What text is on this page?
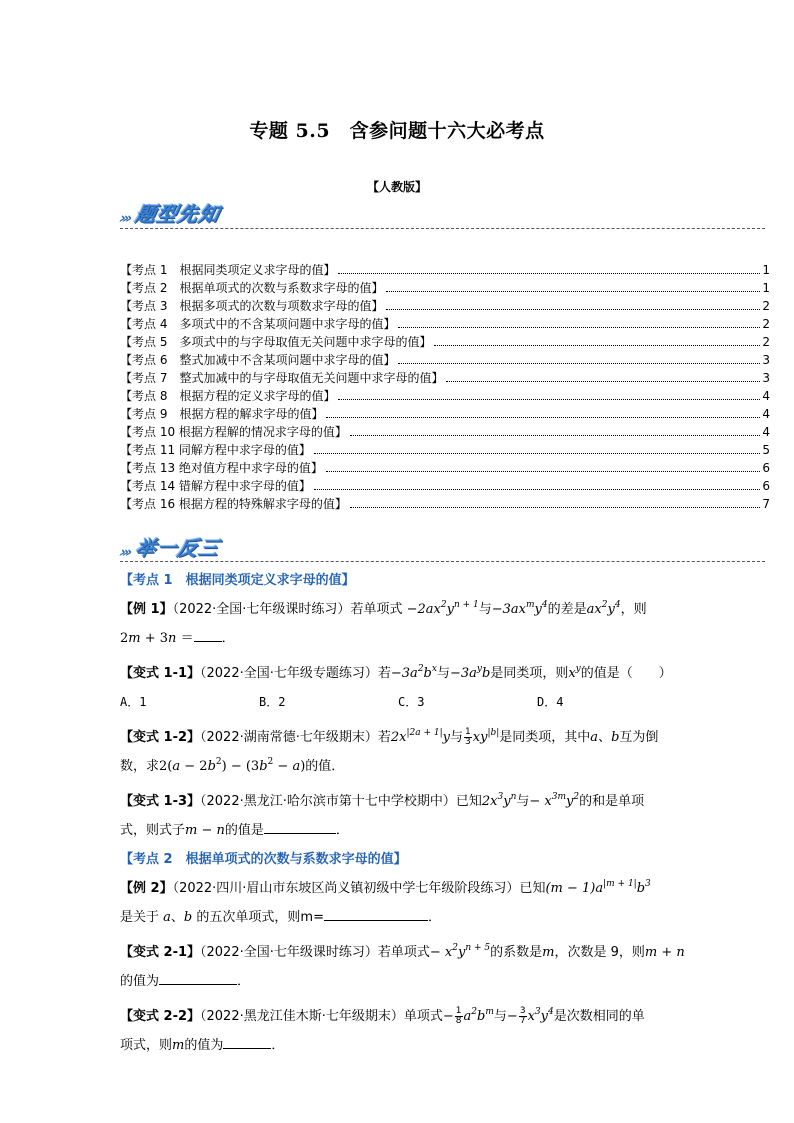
专题 5.5　含参问题十六大必考点
【人教版】
››› 题型先知
【考点 1　根据同类项定义求字母的值】	1
【考点 2　根据单项式的次数与系数求字母的值】	1
【考点 3　根据多项式的次数与项数求字母的值】	2
【考点 4　多项式中的不含某项问题中求字母的值】	2
【考点 5　多项式中的与字母取值无关问题中求字母的值】	2
【考点 6　整式加减中不含某项问题中求字母的值】	3
【考点 7　整式加减中的与字母取值无关问题中求字母的值】	3
【考点 8　根据方程的定义求字母的值】	4
【考点 9　根据方程的解求字母的值】	4
【考点 10 根据方程解的情况求字母的值】	4
【考点 11 同解方程中求字母的值】	5
【考点 13 绝对值方程中求字母的值】	6
【考点 14 错解方程中求字母的值】	6
【考点 16 根据方程的特殊解求字母的值】	7
››› 举一反三
【考点 1　根据同类项定义求字母的值】
【例 1】（2022·全国·七年级课时练习）若单项式 $-2ax^2y^{n + 1}$与$-3ax^my^4$的差是$ax^2y^4$，则
2m + 3n ＝ ．
【变式 1-1】（2022·全国·七年级专题练习）若$-3a^2b^x$与$-3a^yb$是同类项，则$x^y$的值是（　　）
A．1	B．2	C．3	D．4
【变式 1-2】（2022·湖南常德·七年级期末）若$2x^{|2a + 1|}y$与 $\frac{1}{3} xy^{|b|}$是同类项，其中a、b互为倒
数，求$2(a - 2b^2) - (3b^2 - a)$的值．
【变式 1-3】（2022·黑龙江·哈尔滨市第十七中学校期中）已知$2x^3y^n$与− $x^{3m}y^2$的和是单项
式，则式子m − n的值是	．
【考点 2　根据单项式的次数与系数求字母的值】
【例 2】（2022·四川·眉山市东坡区尚义镇初级中学七年级阶段练习）已知$(m - 1)a^{|m + 1|}b^3$
是关于 a、b 的五次单项式，则m=	．
【变式 2-1】（2022·全国·七年级课时练习）若单项式− $x^2y^{n + 5}$的系数是m，次数是 9，则m + n
的值为	．
【变式 2-2】（2022·黑龙江佳木斯·七年级期末）单项式− $\frac{1}{8} a^2b^m$与− $\frac{3}{7} x^3y^4$是次数相同的单
项式，则m的值为	．
